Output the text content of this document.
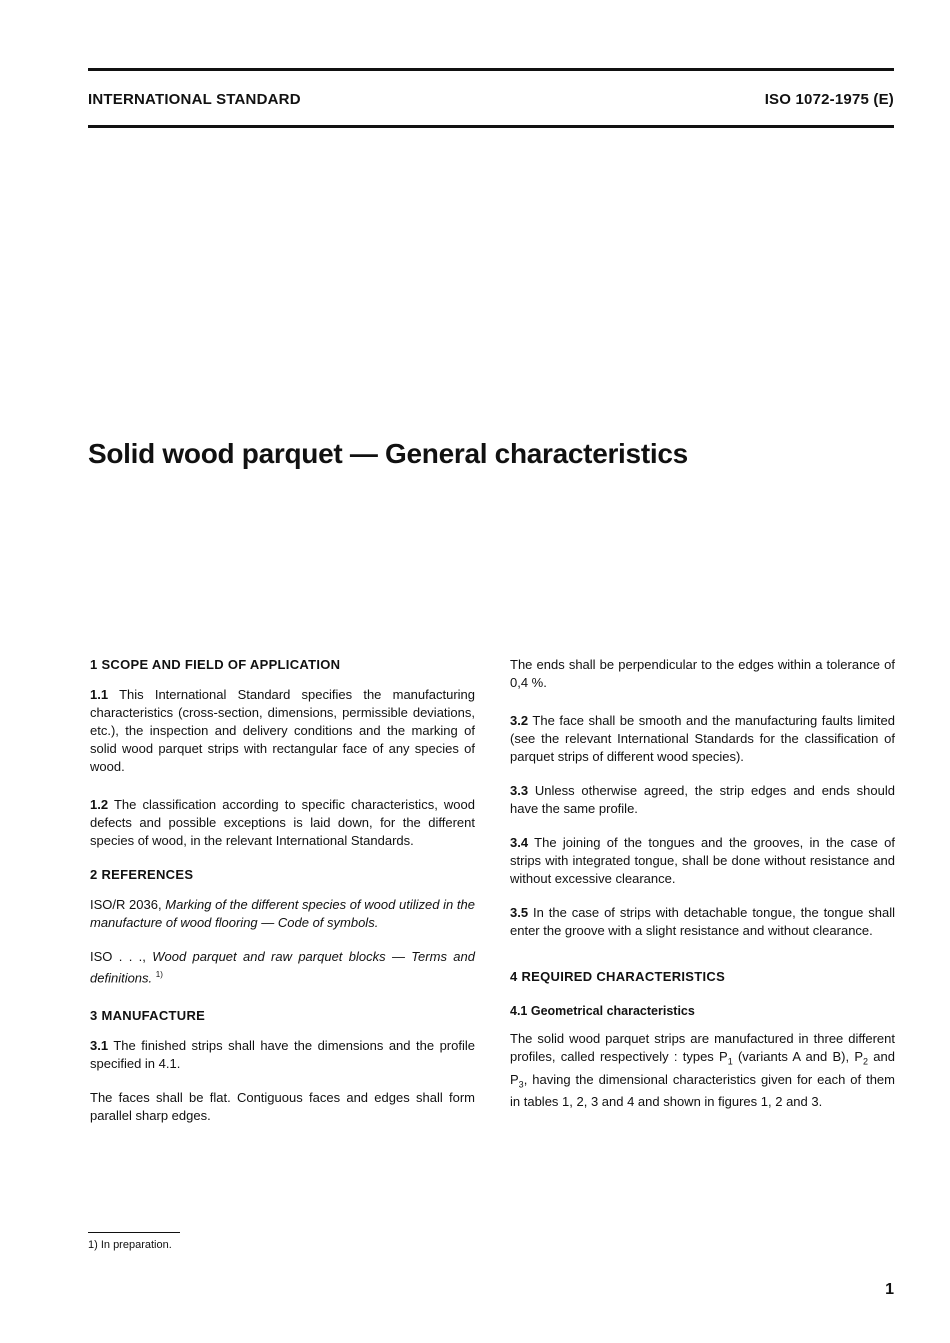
INTERNATIONAL STANDARD	ISO 1072-1975 (E)
Solid wood parquet — General characteristics
1 SCOPE AND FIELD OF APPLICATION

1.1 This International Standard specifies the manufacturing characteristics (cross-section, dimensions, permissible deviations, etc.), the inspection and delivery conditions and the marking of solid wood parquet strips with rectangular face of any species of wood.

1.2 The classification according to specific characteristics, wood defects and possible exceptions is laid down, for the different species of wood, in the relevant International Standards.

2 REFERENCES

ISO/R 2036, Marking of the different species of wood utilized in the manufacture of wood flooring — Code of symbols.

ISO . . ., Wood parquet and raw parquet blocks — Terms and definitions. $^{1)}$

3 MANUFACTURE

3.1 The finished strips shall have the dimensions and the profile specified in 4.1.

The faces shall be flat. Contiguous faces and edges shall form parallel sharp edges.

The ends shall be perpendicular to the edges within a tolerance of 0,4 %.

3.2 The face shall be smooth and the manufacturing faults limited (see the relevant International Standards for the classification of parquet strips of different wood species).

3.3 Unless otherwise agreed, the strip edges and ends should have the same profile.

3.4 The joining of the tongues and the grooves, in the case of strips with integrated tongue, shall be done without resistance and without excessive clearance.

3.5 In the case of strips with detachable tongue, the tongue shall enter the groove with a slight resistance and without clearance.

4 REQUIRED CHARACTERISTICS
4.1 Geometrical characteristics

The solid wood parquet strips are manufactured in three different profiles, called respectively : types $P_1$ (variants A and B), $P_2$ and $P_3$, having the dimensional characteristics given for each of them in tables 1, 2, 3 and 4 and shown in figures 1, 2 and 3.

1) In preparation.
1
